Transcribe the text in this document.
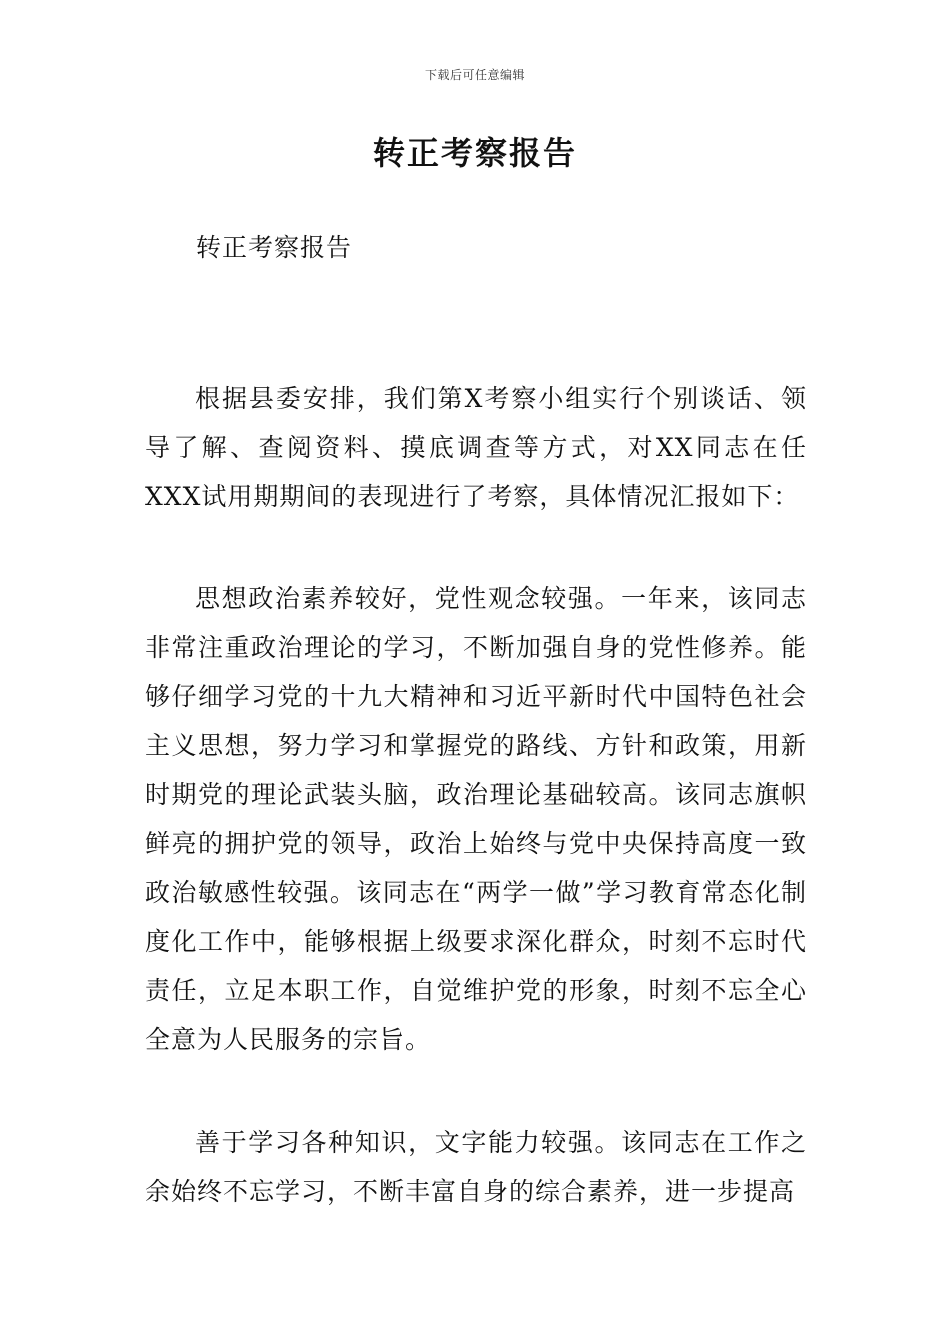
下载后可任意编辑
转正考察报告

转正考察报告

根据县委安排，我们第X考察小组实行个别谈话、领导了解、查阅资料、摸底调查等方式，对XX同志在任XXX试用期期间的表现进行了考察，具体情况汇报如下：

思想政治素养较好，党性观念较强。一年来，该同志非常注重政治理论的学习，不断加强自身的党性修养。能够仔细学习党的十九大精神和习近平新时代中国特色社会主义思想，努力学习和掌握党的路线、方针和政策，用新时期党的理论武装头脑，政治理论基础较高。该同志旗帜鲜亮的拥护党的领导，政治上始终与党中央保持高度一致政治敏感性较强。该同志在“两学一做”学习教育常态化制度化工作中，能够根据上级要求深化群众，时刻不忘时代责任，立足本职工作，自觉维护党的形象，时刻不忘全心全意为人民服务的宗旨。

善于学习各种知识，文字能力较强。该同志在工作之余始终不忘学习，不断丰富自身的综合素养，进一步提高
